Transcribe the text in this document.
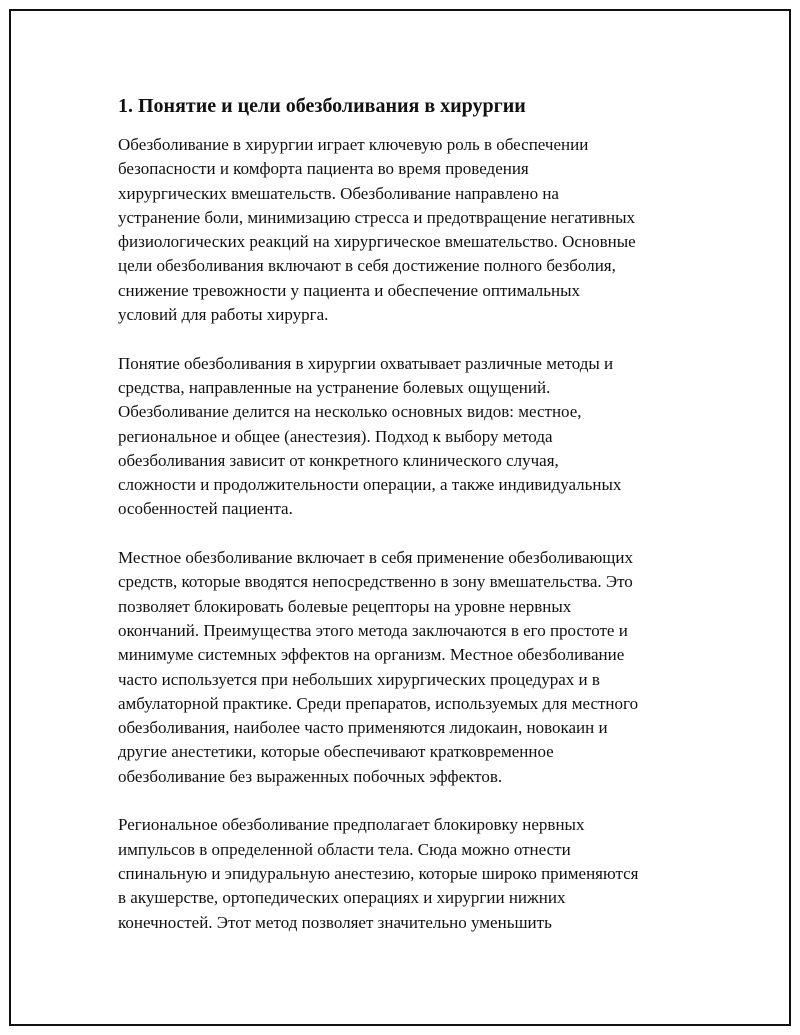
1. Понятие и цели обезболивания в хирургии

Обезболивание в хирургии играет ключевую роль в обеспечении
безопасности и комфорта пациента во время проведения
хирургических вмешательств. Обезболивание направлено на
устранение боли, минимизацию стресса и предотвращение негативных
физиологических реакций на хирургическое вмешательство. Основные
цели обезболивания включают в себя достижение полного безболия,
снижение тревожности у пациента и обеспечение оптимальных
условий для работы хирурга.

Понятие обезболивания в хирургии охватывает различные методы и
средства, направленные на устранение болевых ощущений.
Обезболивание делится на несколько основных видов: местное,
региональное и общее (анестезия). Подход к выбору метода
обезболивания зависит от конкретного клинического случая,
сложности и продолжительности операции, а также индивидуальных
особенностей пациента.

Местное обезболивание включает в себя применение обезболивающих
средств, которые вводятся непосредственно в зону вмешательства. Это
позволяет блокировать болевые рецепторы на уровне нервных
окончаний. Преимущества этого метода заключаются в его простоте и
минимуме системных эффектов на организм. Местное обезболивание
часто используется при небольших хирургических процедурах и в
амбулаторной практике. Среди препаратов, используемых для местного
обезболивания, наиболее часто применяются лидокаин, новокаин и
другие анестетики, которые обеспечивают кратковременное
обезболивание без выраженных побочных эффектов.

Региональное обезболивание предполагает блокировку нервных
импульсов в определенной области тела. Сюда можно отнести
спинальную и эпидуральную анестезию, которые широко применяются
в акушерстве, ортопедических операциях и хирургии нижних
конечностей. Этот метод позволяет значительно уменьшить
